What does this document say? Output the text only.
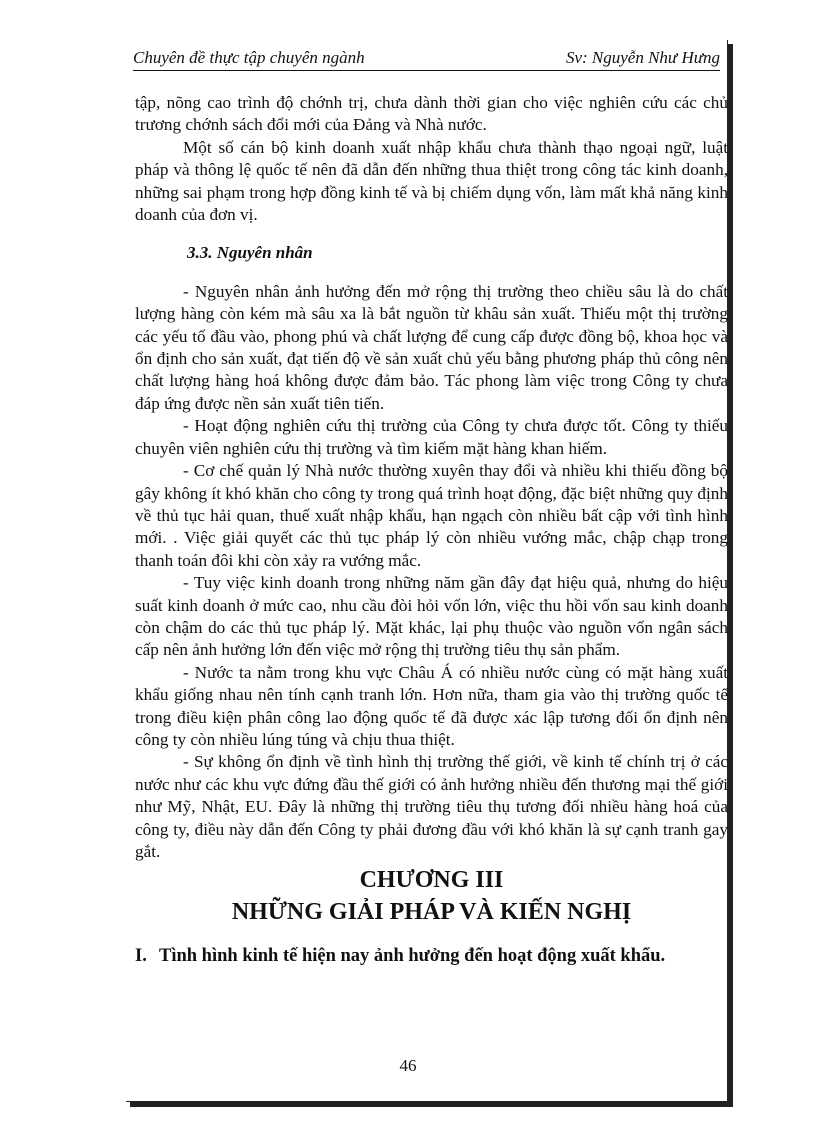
Chuyên đề thực tập chuyên ngành	Sv: Nguyễn Như Hưng

tập, nõng cao trình độ chớnh trị, chưa dành thời gian cho việc nghiên cứu các chủ trương chớnh sách đổi mới của Đảng và Nhà nước.

Một số cán bộ kinh doanh xuất nhập khẩu chưa thành thạo ngoại ngữ, luật pháp và thông lệ quốc tế nên đã dẫn đến những thua thiệt trong công tác kinh doanh, những sai phạm trong hợp đồng kinh tế và bị chiếm dụng vốn, làm mất khả năng kinh doanh của đơn vị.

3.3. Nguyên nhân

- Nguyên nhân ảnh hưởng đến mở rộng thị trường theo chiều sâu là do chất lượng hàng còn kém mà sâu xa là bắt nguồn từ khâu sản xuất. Thiếu một thị trường các yếu tố đầu vào, phong phú và chất lượng để cung cấp được đồng bộ, khoa học và ổn định cho sản xuất, đạt tiến độ về sản xuất chủ yếu bằng phương pháp thủ công nên chất lượng hàng hoá không được đảm bảo. Tác phong làm việc trong Công ty chưa đáp ứng được nền sản xuất tiên tiến.

- Hoạt động nghiên cứu thị trường của Công ty chưa được tốt. Công ty thiếu chuyên viên nghiên cứu thị trường và tìm kiếm mặt hàng khan hiếm.

- Cơ chế quản lý Nhà nước thường xuyên thay đổi và nhiều khi thiếu đồng bộ gây không ít khó khăn cho công ty trong quá trình hoạt động, đặc biệt những quy định về thủ tục hải quan, thuế xuất nhập khẩu, hạn ngạch còn nhiều bất cập với tình hình mới. . Việc giải quyết các thủ tục pháp lý còn nhiều vướng mắc, chập chạp trong thanh toán đôi khi còn xảy ra vướng mắc.

- Tuy việc kinh doanh trong những năm gần đây đạt hiệu quả, nhưng do hiệu suất kinh doanh ở mức cao, nhu cầu đòi hỏi vốn lớn, việc thu hồi vốn sau kinh doanh còn chậm do các thủ tục pháp lý. Mặt khác, lại phụ thuộc vào nguồn vốn ngân sách cấp nên ảnh hưởng lớn đến việc mở rộng thị trường tiêu thụ sản phẩm.

- Nước ta nằm trong khu vực Châu Á có nhiều nước cùng có mặt hàng xuất khẩu giống nhau nên tính cạnh tranh lớn. Hơn nữa, tham gia vào thị trường quốc tế trong điều kiện phân công lao động quốc tế đã được xác lập tương đối ổn định nên công ty còn nhiều lúng túng và chịu thua thiệt.

- Sự không ổn định về tình hình thị trường thế giới, về kinh tế chính trị ở các nước như các khu vực đứng đầu thế giới có ảnh hưởng nhiều đến thương mại thế giới như Mỹ, Nhật, EU. Đây là những thị trường tiêu thụ tương đối nhiều hàng hoá của công ty, điều này dẫn đến Công ty phải đương đầu với khó khăn là sự cạnh tranh gay gắt.

CHƯƠNG III

NHỮNG GIẢI PHÁP VÀ KIẾN NGHỊ

I. Tình hình kinh tế hiện nay ảnh hưởng đến hoạt động xuất khẩu.
46
